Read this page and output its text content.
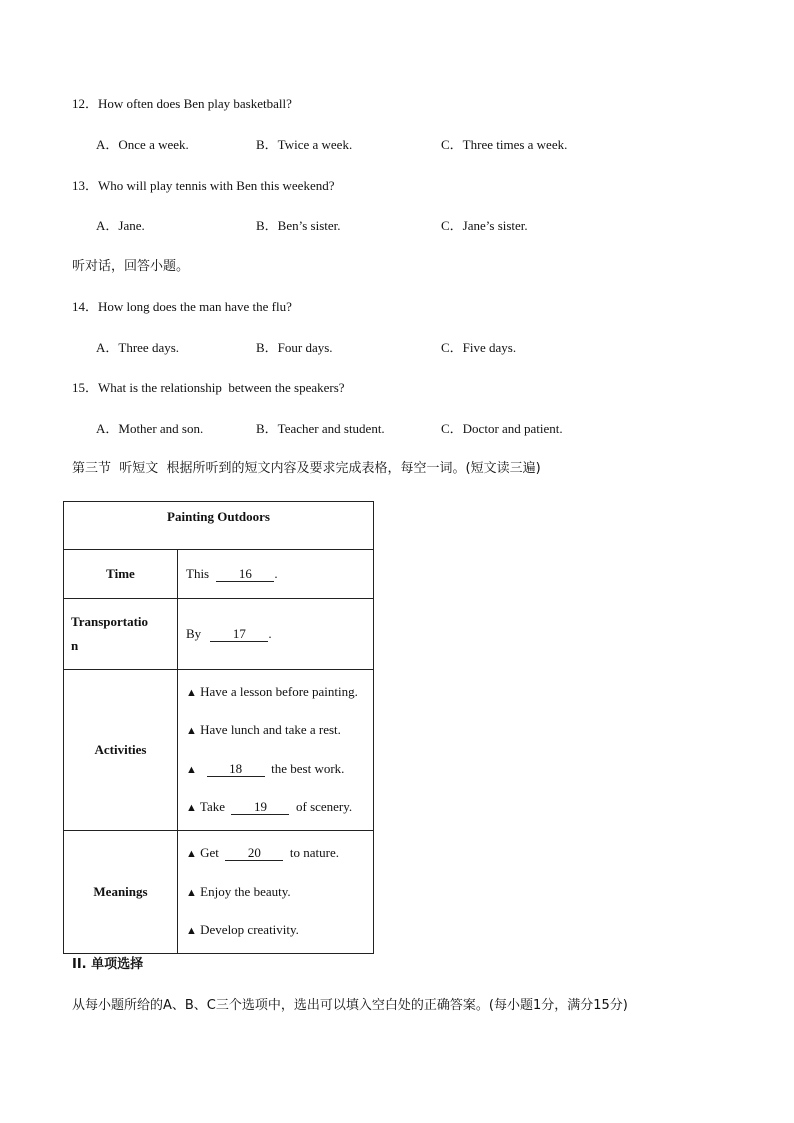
12．How often does Ben play basketball?
A．Once a week.	B．Twice a week.	C．Three times a week.
13．Who will play tennis with Ben this weekend?
A．Jane.	B．Ben’s sister.	C．Jane’s sister.
听对话，回答小题。
14．How long does the man have the flu?
A．Three days.	B．Four days.	C．Five days.
15．What is the relationship  between the speakers?
A．Mother and son.	B．Teacher and student.	C．Doctor and patient.
第三节  听短文  根据所听到的短文内容及要求完成表格，每空一词。(短文读三遍)
Painting Outdoors	
Time	This 16 .
Transportatio
n	By 17 .
Activities	▲ Have a lesson before painting.
▲ Have lunch and take a rest.
▲ 18 the best work.
▲ Take 19 of scenery.

Meanings	▲ Get 20 to nature.
▲ Enjoy the beauty.
▲ Develop creativity.
II. 单项选择
从每小题所给的A、B、C三个选项中，选出可以填入空白处的正确答案。(每小题1分，满分15分)
